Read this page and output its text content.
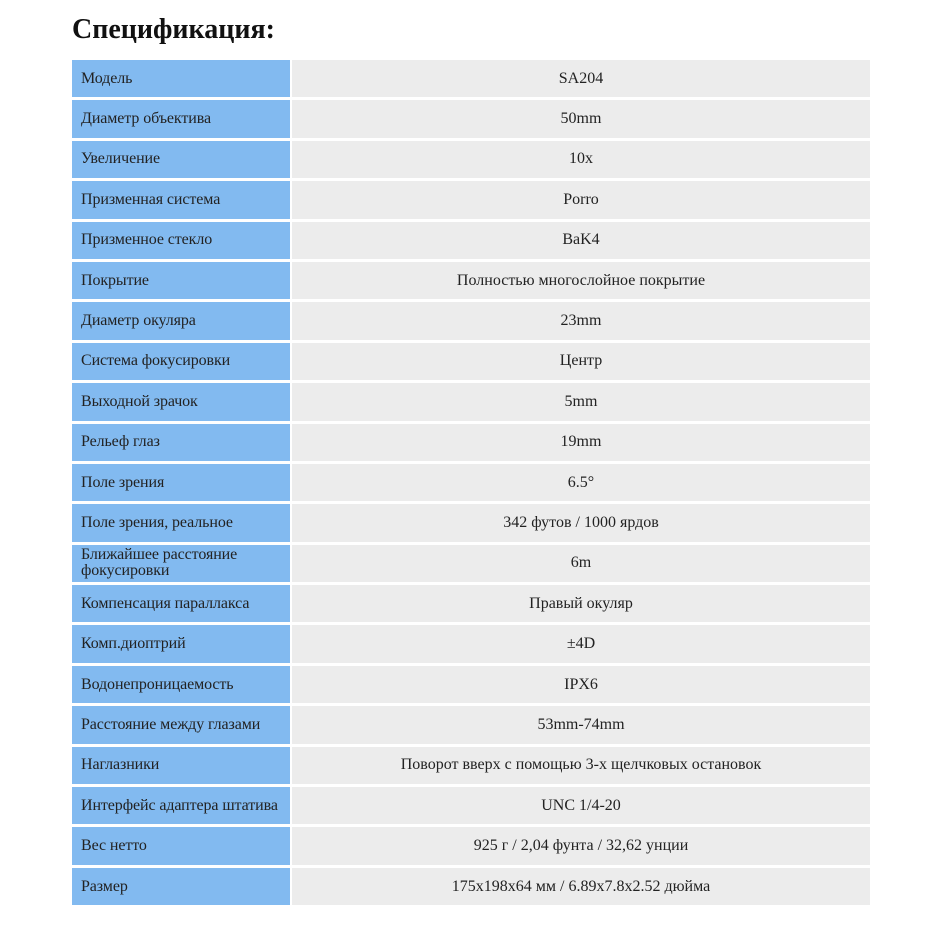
Спецификация:
Модель	SA204
Диаметр объектива	50mm
Увеличение	10x
Призменная система	Porro
Призменное стекло	BaK4
Покрытие	Полностью многослойное покрытие
Диаметр окуляра	23mm
Система фокусировки	Центр
Выходной зрачок	5mm
Рельеф глаз	19mm
Поле зрения	6.5°
Поле зрения, реальное	342 футов / 1000 ярдов
Ближайшее расстояние фокусировки	6m
Компенсация параллакса	Правый окуляр
Комп.диоптрий	±4D
Водонепроницаемость	IPX6
Расстояние между глазами	53mm-74mm
Наглазники	Поворот вверх с помощью 3-х щелчковых остановок
Интерфейс адаптера штатива	UNC 1/4-20
Вес нетто	925 г / 2,04 фунта / 32,62 унции
Размер	175x198x64 мм / 6.89x7.8x2.52 дюйма
